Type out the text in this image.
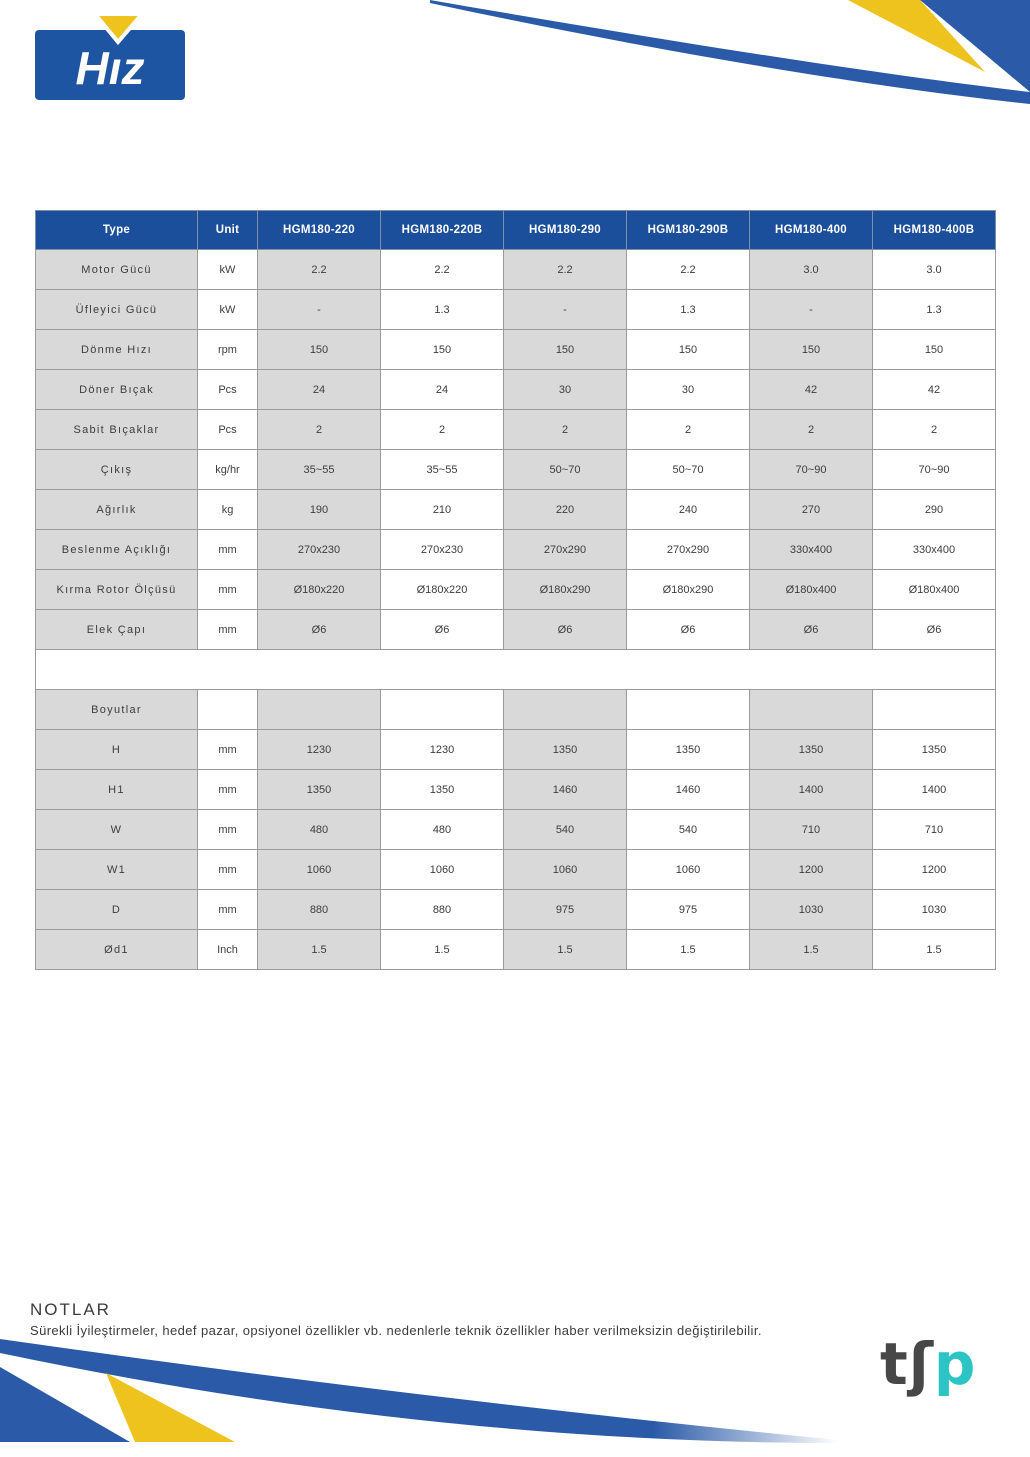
Hız
Type	Unit	HGM180-220	HGM180-220B	HGM180-290	HGM180-290B	HGM180-400	HGM180-400B
Motor Gücü	kW	2.2	2.2	2.2	2.2	3.0	3.0
Üfleyici Gücü	kW	-	1.3	-	1.3	-	1.3
Dönme Hızı	rpm	150	150	150	150	150	150
Döner Bıçak	Pcs	24	24	30	30	42	42
Sabit Bıçaklar	Pcs	2	2	2	2	2	2
Çıkış	kg/hr	35~55	35~55	50~70	50~70	70~90	70~90
Ağırlık	kg	190	210	220	240	270	290
Beslenme Açıklığı	mm	270x230	270x230	270x290	270x290	330x400	330x400
Kırma Rotor Ölçüsü	mm	Ø180x220	Ø180x220	Ø180x290	Ø180x290	Ø180x400	Ø180x400
Elek Çapı	mm	Ø6	Ø6	Ø6	Ø6	Ø6	Ø6

Boyutlar							
H	mm	1230	1230	1350	1350	1350	1350
H1	mm	1350	1350	1460	1460	1400	1400
W	mm	480	480	540	540	710	710
W1	mm	1060	1060	1060	1060	1200	1200
D	mm	880	880	975	975	1030	1030
Ød1	Inch	1.5	1.5	1.5	1.5	1.5	1.5
NOTLAR
Sürekli İyileştirmeler, hedef pazar, opsiyonel özellikler vb. nedenlerle teknik özellikler haber verilmeksizin değiştirilebilir. tʃp
